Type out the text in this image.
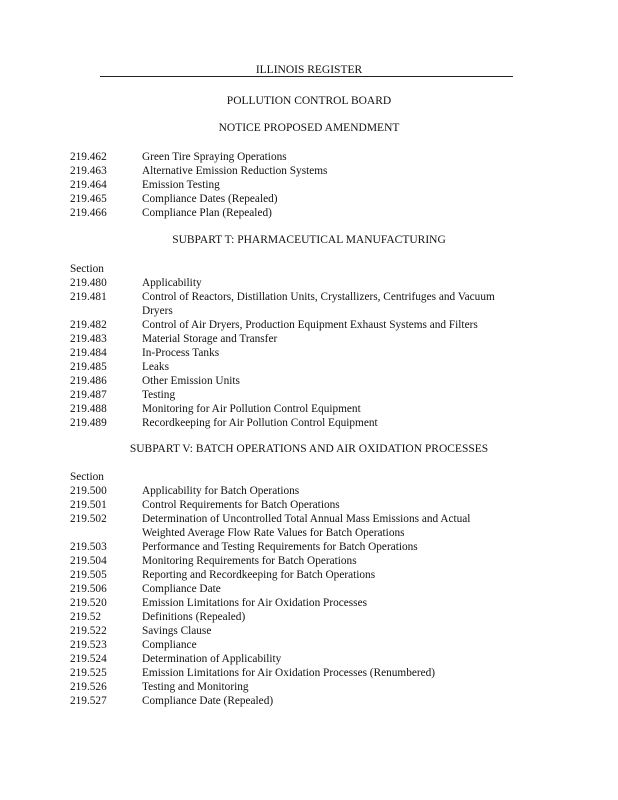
ILLINOIS REGISTER
POLLUTION CONTROL BOARD
NOTICE PROPOSED AMENDMENT
219.462	Green Tire Spraying Operations
219.463	Alternative Emission Reduction Systems
219.464	Emission Testing
219.465	Compliance Dates (Repealed)
219.466	Compliance Plan (Repealed)
SUBPART T: PHARMACEUTICAL MANUFACTURING
Section
219.480	Applicability
219.481	Control of Reactors, Distillation Units, Crystallizers, Centrifuges and Vacuum
Dryers
219.482	Control of Air Dryers, Production Equipment Exhaust Systems and Filters
219.483	Material Storage and Transfer
219.484	In-Process Tanks
219.485	Leaks
219.486	Other Emission Units
219.487	Testing
219.488	Monitoring for Air Pollution Control Equipment
219.489	Recordkeeping for Air Pollution Control Equipment
SUBPART V: BATCH OPERATIONS AND AIR OXIDATION PROCESSES
Section
219.500	Applicability for Batch Operations
219.501	Control Requirements for Batch Operations
219.502	Determination of Uncontrolled Total Annual Mass Emissions and Actual
Weighted Average Flow Rate Values for Batch Operations
219.503	Performance and Testing Requirements for Batch Operations
219.504	Monitoring Requirements for Batch Operations
219.505	Reporting and Recordkeeping for Batch Operations
219.506	Compliance Date
219.520	Emission Limitations for Air Oxidation Processes
219.52	Definitions (Repealed)
219.522	Savings Clause
219.523	Compliance
219.524	Determination of Applicability
219.525	Emission Limitations for Air Oxidation Processes (Renumbered)
219.526	Testing and Monitoring
219.527	Compliance Date (Repealed)
